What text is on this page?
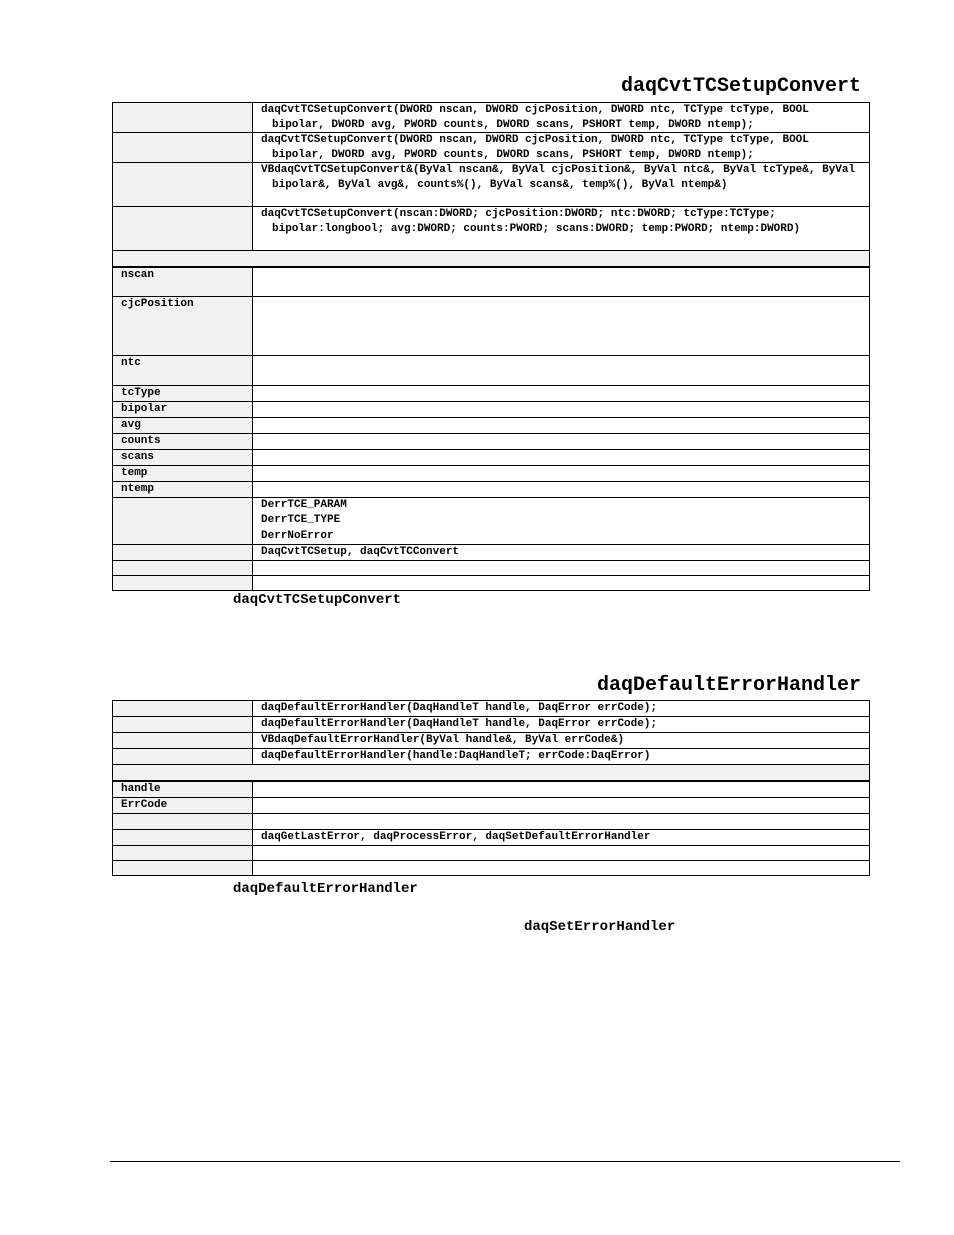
daqCvtTCSetupConvert

	daqCvtTCSetupConvert(DWORD nscan, DWORD cjcPosition, DWORD ntc, TCType tcType, BOOL bipolar, DWORD avg, PWORD counts, DWORD scans, PSHORT temp, DWORD ntemp);

	daqCvtTCSetupConvert(DWORD nscan, DWORD cjcPosition, DWORD ntc, TCType tcType, BOOL bipolar, DWORD avg, PWORD counts, DWORD scans, PSHORT temp, DWORD ntemp);

	VBdaqCvtTCSetupConvert&(ByVal nscan&, ByVal cjcPosition&, ByVal ntc&, ByVal tcType&, ByVal bipolar&, ByVal avg&, counts%(), ByVal scans&, temp%(), ByVal ntemp&)

	daqCvtTCSetupConvert(nscan:DWORD; cjcPosition:DWORD; ntc:DWORD; tcType:TCType; bipolar:longbool; avg:DWORD; counts:PWORD; scans:DWORD; temp:PWORD; ntemp:DWORD)

nscan	
cjcPosition	
ntc	
tcType	
bipolar	
avg	
counts	
scans	
temp	
ntemp	

	DerrTCE_PARAM
DerrTCE_TYPE
DerrNoError

	DaqCvtTCSetup, daqCvtTCConvert

daqCvtTCSetupConvert

daqDefaultErrorHandler
	daqDefaultErrorHandler(DaqHandleT handle, DaqError errCode);
	daqDefaultErrorHandler(DaqHandleT handle, DaqError errCode);
	VBdaqDefaultErrorHandler(ByVal handle&, ByVal errCode&)
	daqDefaultErrorHandler(handle:DaqHandleT; errCode:DaqError)

handle	
ErrCode	

	daqGetLastError, daqProcessError, daqSetDefaultErrorHandler

daqDefaultErrorHandler

daqSetErrorHandler
